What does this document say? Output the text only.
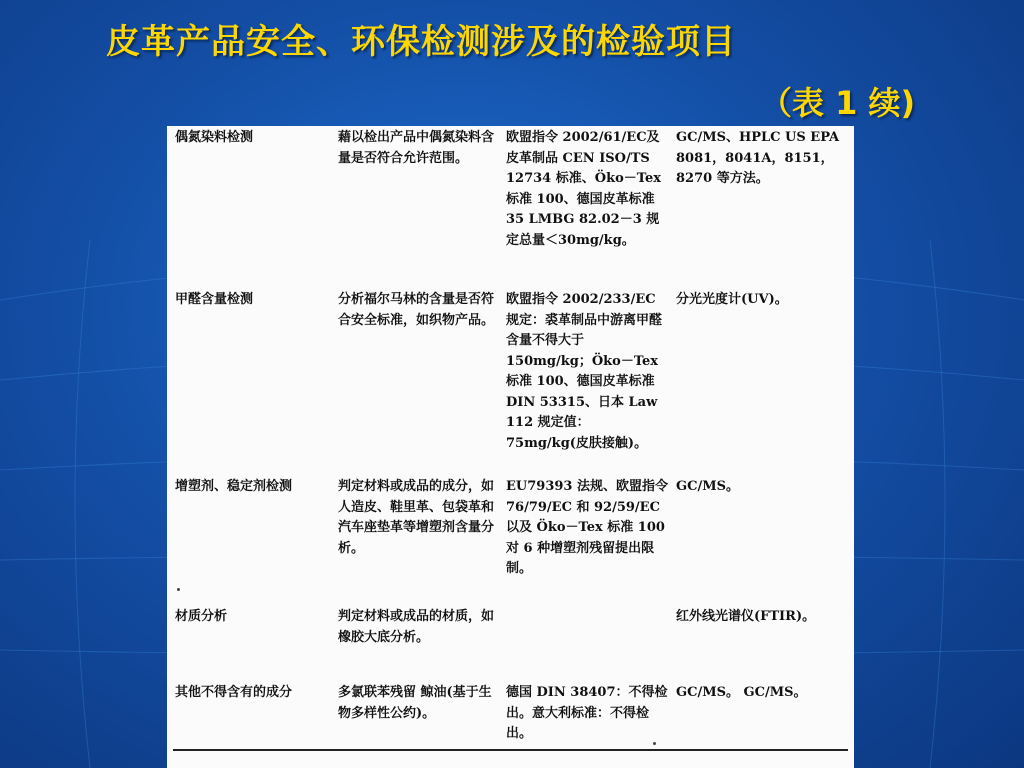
皮革产品安全、环保检测涉及的检验项目
（表 1 续)
偶氮染料检测	藉以检出产品中偶氮染料含量是否符合允许范围。	欧盟指令 2002/61/EC及皮革制品 CEN ISO/TS 12734 标准、Öko－Tex 标准 100、德国皮革标准 35 LMBG 82.02－3 规定总量＜30mg/kg。	GC/MS、HPLC US EPA 8081，8041A，8151，8270 等方法。
甲醛含量检测	分析福尔马林的含量是否符合安全标准，如织物产品。	欧盟指令 2002/233/EC 规定：裘革制品中游离甲醛含量不得大于 150mg/kg；Öko－Tex 标准 100、德国皮革标准 DIN 53315、日本 Law 112 规定值：75mg/kg(皮肤接触)。	分光光度计(UV)。
增塑剂、稳定剂检测	判定材料或成品的成分，如人造皮、鞋里革、包袋革和汽车座垫革等增塑剂含量分析。	EU79393 法规、欧盟指令 76/79/EC 和 92/59/EC 以及 Öko－Tex 标准 100 对 6 种增塑剂残留提出限制。	GC/MS。
材质分析	判定材料或成品的材质，如橡胶大底分析。		红外线光谱仪(FTIR)。
其他不得含有的成分	多氯联苯残留 鲸油(基于生物多样性公约)。	德国 DIN 38407：不得检出。意大利标准：不得检出。	GC/MS。 GC/MS。
